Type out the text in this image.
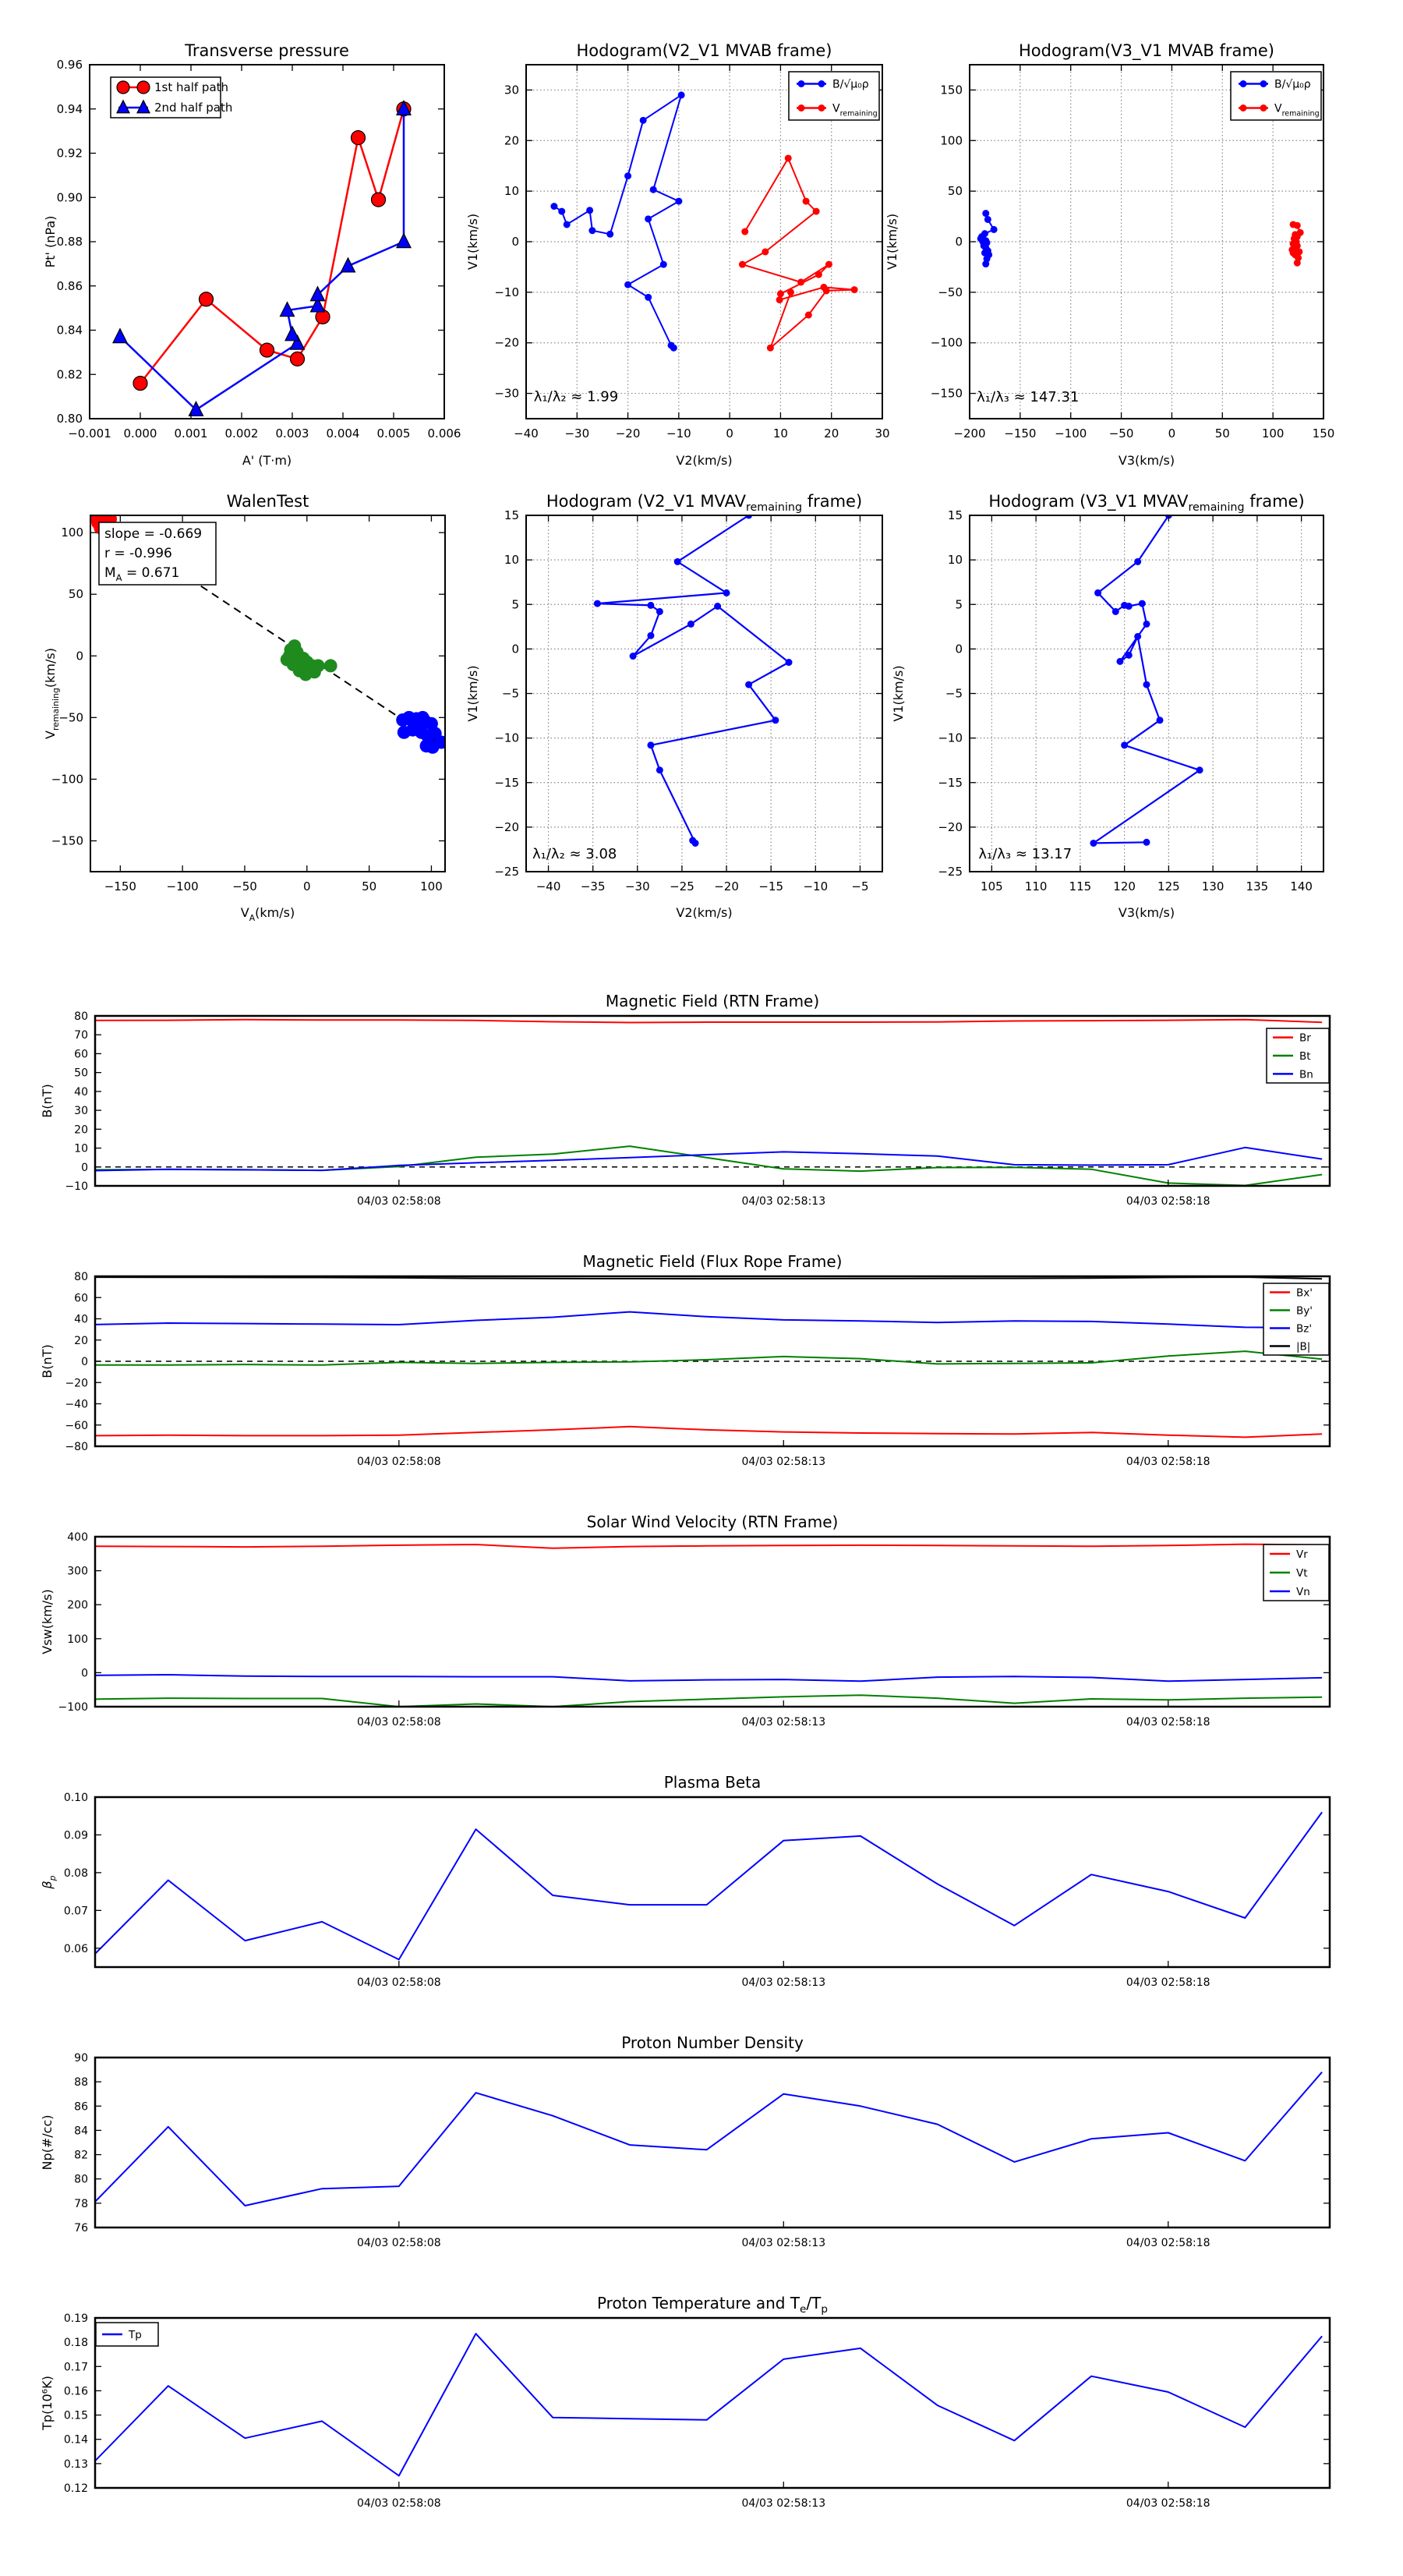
−0.001 0.000 0.001 0.002 0.003 0.004 0.005 0.006
0.80
0.82
0.84
0.86
0.88
0.90
0.92
0.94
0.96
Transverse pressure
A' (T·m)
Pt' (nPa)
1st half path
2nd half path
−40 −30 −20 −10	0	10	20	30
−30
−20
−10
0
10
20
30
Hodogram(V2_V1 MVAB frame)
V2(km/s)
V1(km/s)
λ₁/λ₂ ≈ 1.99
B/√μ₀ρ
$V_{remaining}$
−200 −150 −100 −50	0	50	100 150
−150
−100
−50
0
50
100
150
Hodogram(V3_V1 MVAB frame)
V3(km/s)
V1(km/s)
λ₁/λ₃ ≈ 147.31
B/√μ₀ρ
$V_{remaining}$
−150	−100	−50	0	50	100
−150
−100
−50
0
50
100
WalenTest
$V_A(km/s)$
$V_{remaining}(km/s)$
slope = -0.669
r = -0.996
$M_A = 0.671$
−40 −35 −30 −25 −20 −15 −10 −5
−25
−20
−15
−10
−5
0
5
10
15
Hodogram (V2_V1 $MVAV_{remaining}$ frame)
V2(km/s)
V1(km/s)
λ₁/λ₂ ≈ 3.08
105 110 115 120 125 130 135 140
−25
−20
−15
−10
−5
0
5
10
15
Hodogram (V3_V1 $MVAV_{remaining}$ frame)
V3(km/s)
V1(km/s)
λ₁/λ₃ ≈ 13.17
04/03 02:58:08	04/03 02:58:13	04/03 02:58:18
−10
0
10
20
30
40
50
60
70
80
Magnetic Field (RTN Frame)
B(nT)
Br
Bt
Bn
04/03 02:58:08	04/03 02:58:13	04/03 02:58:18
−80
−60
−40
−20
0
20
40
60
80
Magnetic Field (Flux Rope Frame)
B(nT)
Bx'
By'
Bz'
|B|
04/03 02:58:08	04/03 02:58:13	04/03 02:58:18
−100
0
100
200
300
400
Solar Wind Velocity (RTN Frame)
Vsw(km/s)
Vr
Vt
Vn
04/03 02:58:08	04/03 02:58:13	04/03 02:58:18
0.06
0.07
0.08
0.09
0.10
Plasma Beta
$\beta_p$
04/03 02:58:08	04/03 02:58:13	04/03 02:58:18
76
78
80
82
84
86
88
90
Proton Number Density
Np(#/cc)
04/03 02:58:08	04/03 02:58:13	04/03 02:58:18
0.12
0.13
0.14
0.15
0.16
0.17
0.18
0.19
Proton Temperature and $T_e/T_p$
Tp(10⁶K)
Tp
